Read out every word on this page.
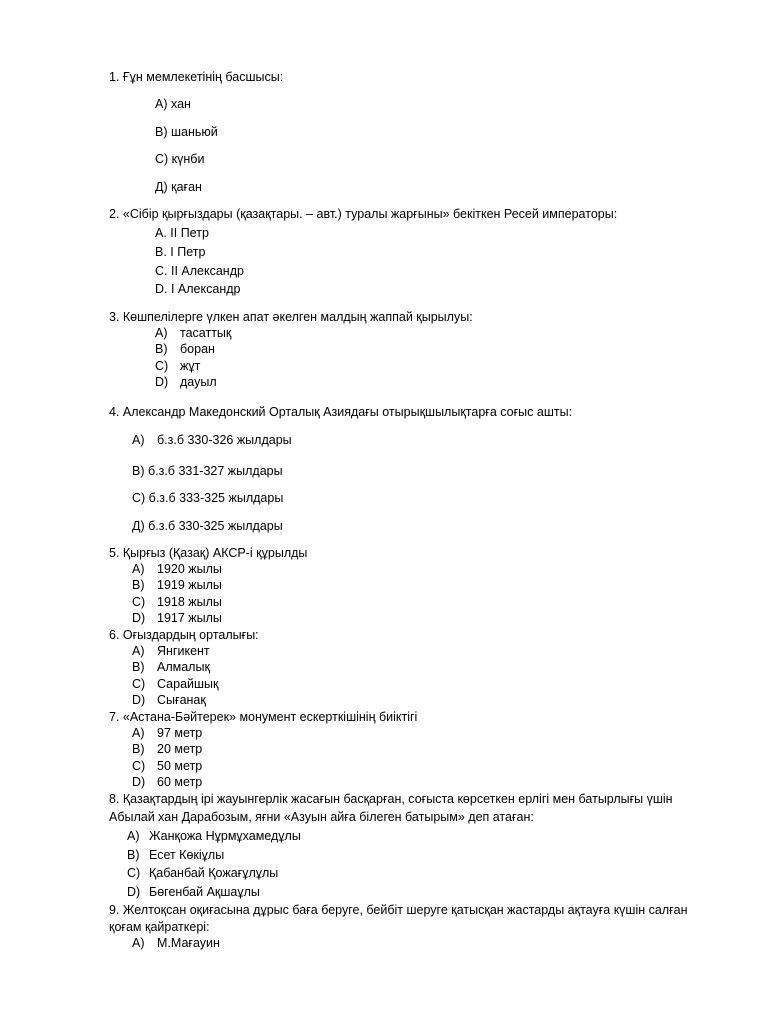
1. Ғұн мемлекетінің басшысы:
А) хан
В) шаньюй
С) күнби
Д) қаған
2. «Сібір қырғыздары (қазақтары. – авт.) туралы жарғыны» бекіткен Ресей императоры:
A. II Петр
B. I Петр
C. II Александр
D. I Александр
3. Көшпелілерге үлкен апат әкелген малдың жаппай қырылуы:
A) тасаттық
B) боран
C) жұт
D) дауыл
4. Александр Македонский Орталық Азиядағы отырықшылықтарға соғыс ашты:
A) б.з.б 330-326 жылдары
B) б.з.б 331-327 жылдары
C) б.з.б 333-325 жылдары
Д) б.з.б 330-325 жылдары
5. Қырғыз (Қазақ) АКСР-і құрылды
A) 1920 жылы
B) 1919 жылы
C) 1918 жылы
D) 1917 жылы
6. Оғыздардың орталығы:
A) Янгикент
B) Алмалық
C) Сарайшық
D) Сығанақ
7. «Астана-Бәйтерек» монумент ескерткішінің биіктігі
A) 97 метр
B) 20 метр
C) 50 метр
D) 60 метр
8. Қазақтардың ірі жауынгерлік жасағын басқарған, соғыста көрсеткен ерлігі мен батырлығы үшін
Абылай хан Дарабозым, яғни «Азуын айға білеген батырым» деп атаған:
A) Жанқожа Нұрмұхамедұлы
B) Есет Көкіұлы
C) Қабанбай Қожағұлұлы
D) Бөгенбай Ақшаұлы
9. Желтоқсан оқиғасына дұрыс баға беруге, бейбіт шеруге қатысқан жастарды ақтауға күшін салған
қоғам қайраткері:
A) М.Мағауин
